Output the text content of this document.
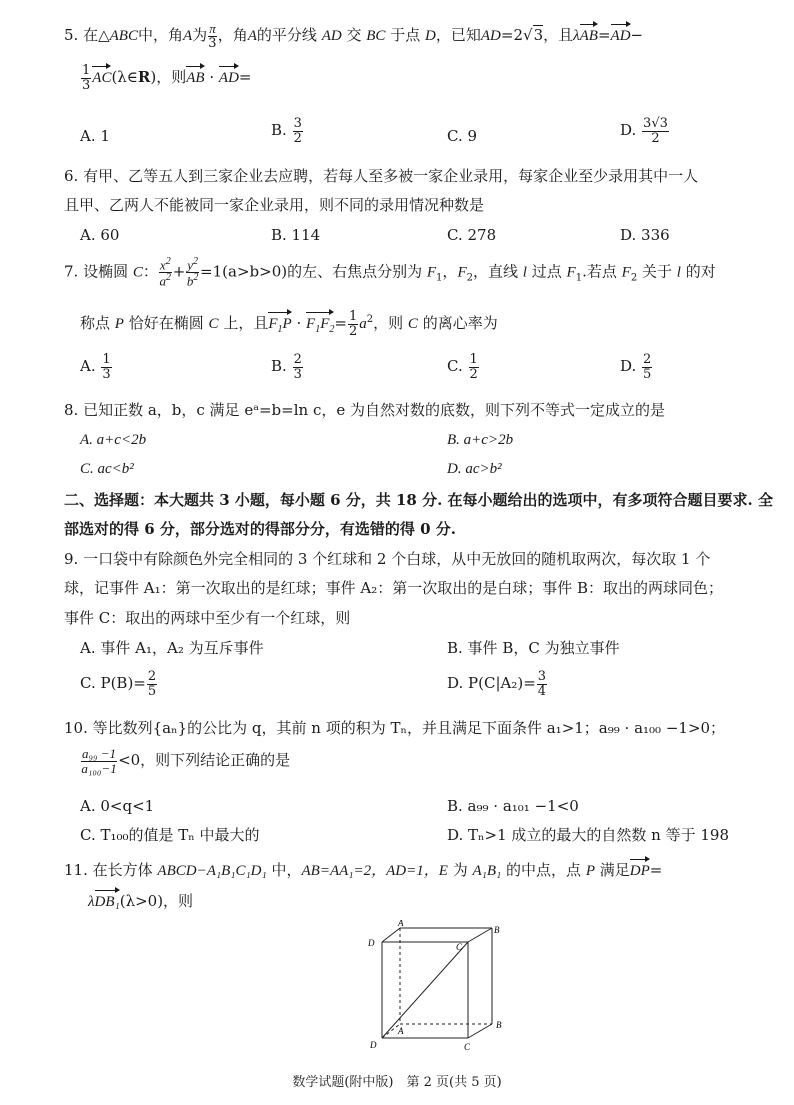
5. 在△ABC中，角A为 $\frac{\pi}{3}$ ，角A的平分线 AD 交 BC 于点 D，已知AD=2√3，且λAB=AD−
$\frac{1}{3}$ AC(λ∈R)，则AB · AD=
A. 1	B. $\frac{3}{2}$	C. 9	D. $\frac{3√3}{2}$
6. 有甲、乙等五人到三家企业去应聘，若每人至多被一家企业录用，每家企业至少录用其中一人
且甲、乙两人不能被同一家企业录用，则不同的录用情况种数是
A. 60	B. 114	C. 278	D. 336
7. 设椭圆 C： $\frac{x^2}{a^2} + \frac{y^2}{b^2} =1(a>b>0)$的左、右焦点分别为 $F_1$，$F_2$，直线 l 过点 $F_1$.若点 $F_2$ 关于 l 的对
称点 P 恰好在椭圆 C 上，且$F_1P \cdot F_1F_2= \frac{1}{2} a^2$，则 C 的离心率为
A. $\frac{1}{3}$	B. $\frac{2}{3}$	C. $\frac{1}{2}$	D. $\frac{2}{5}$
8. 已知正数 a，b，c 满足 eᵃ=b=ln c，e 为自然对数的底数，则下列不等式一定成立的是
A. a+c<2b	B. a+c>2b
C. ac<b²	D. ac>b²
二、选择题：本大题共 3 小题，每小题 6 分，共 18 分. 在每小题给出的选项中，有多项符合题目要求. 全
部选对的得 6 分，部分选对的得部分分，有选错的得 0 分.
9. 一口袋中有除颜色外完全相同的 3 个红球和 2 个白球，从中无放回的随机取两次，每次取 1 个
球，记事件 A₁：第一次取出的是红球；事件 A₂：第一次取出的是白球；事件 B：取出的两球同色；
事件 C：取出的两球中至少有一个红球，则
A. 事件 A₁，A₂ 为互斥事件	B. 事件 B，C 为独立事件
C. $P(B)= \frac{2}{5}$	D. $P(C|A_2)= \frac{3}{4}$
10. 等比数列{aₙ}的公比为 q，其前 n 项的积为 Tₙ，并且满足下面条件 a₁>1；a₉₉ · a₁₀₀ −1>0；
$\frac{\text{a₉₉ −1}}{\text{a₁₀₀−1}} <0$，则下列结论正确的是
A. 0<q<1	B. a₉₉ · a₁₀₁ −1<0
C. T₁₀₀的值是 Tₙ 中最大的	D. Tₙ>1 成立的最大的自然数 n 等于 198
11. 在长方体 ABCD−A₁B₁C₁D₁ 中，AB=AA₁=2，AD=1，E 为 A₁B₁ 的中点，点 P 满足DP=
λDB₁(λ>0)，则
D
A
C
B
D
A
C
B
数学试题(附中版)　第 2 页(共 5 页)
